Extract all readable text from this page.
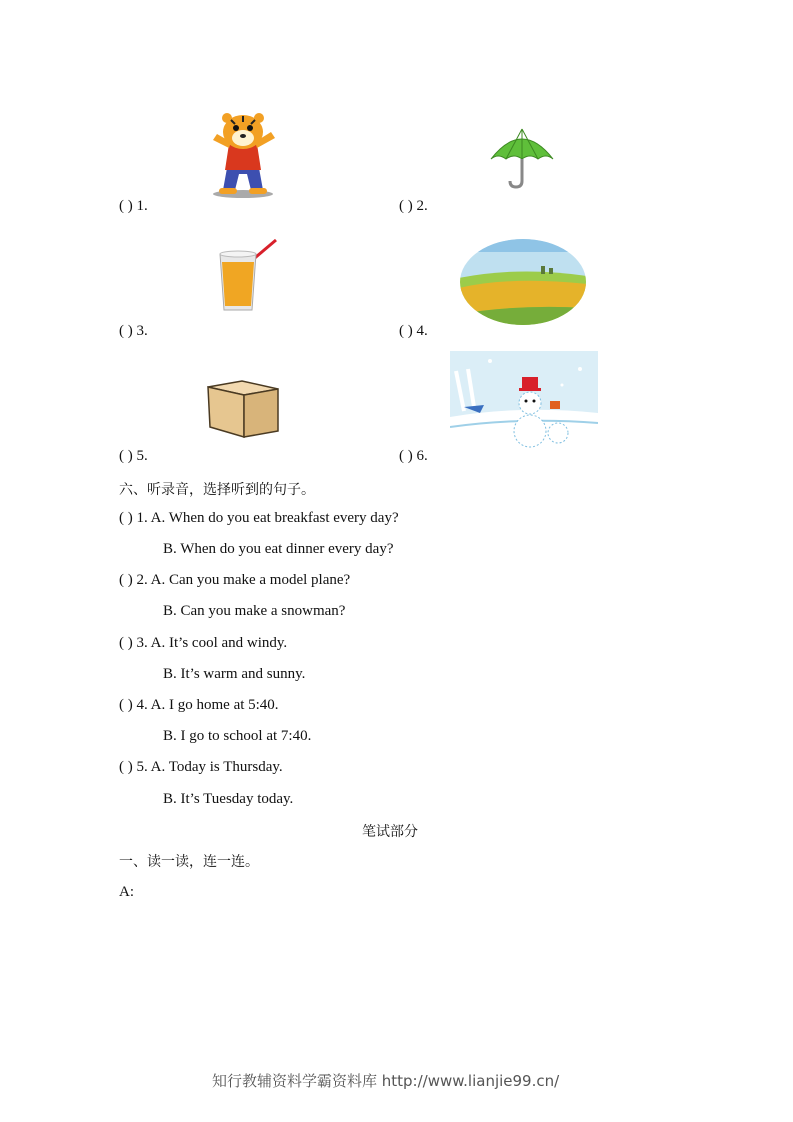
( ) 1.	( ) 2.
( ) 3.	( ) 4.
( ) 5.	( ) 6.
六、听录音，选择听到的句子。
( ) 1. A. When do you eat breakfast every day?
B. When do you eat dinner every day?
( ) 2. A. Can you make a model plane?
B. Can you make a snowman?
( ) 3. A. It’s cool and windy.
B. It’s warm and sunny.
( ) 4. A. I go home at 5:40.
B. I go to school at 7:40.
( ) 5. A. Today is Thursday.
B. It’s Tuesday today.
笔试部分
一、读一读，连一连。
A:
知行教辅资料学霸资料库 http://www.lianjie99.cn/
